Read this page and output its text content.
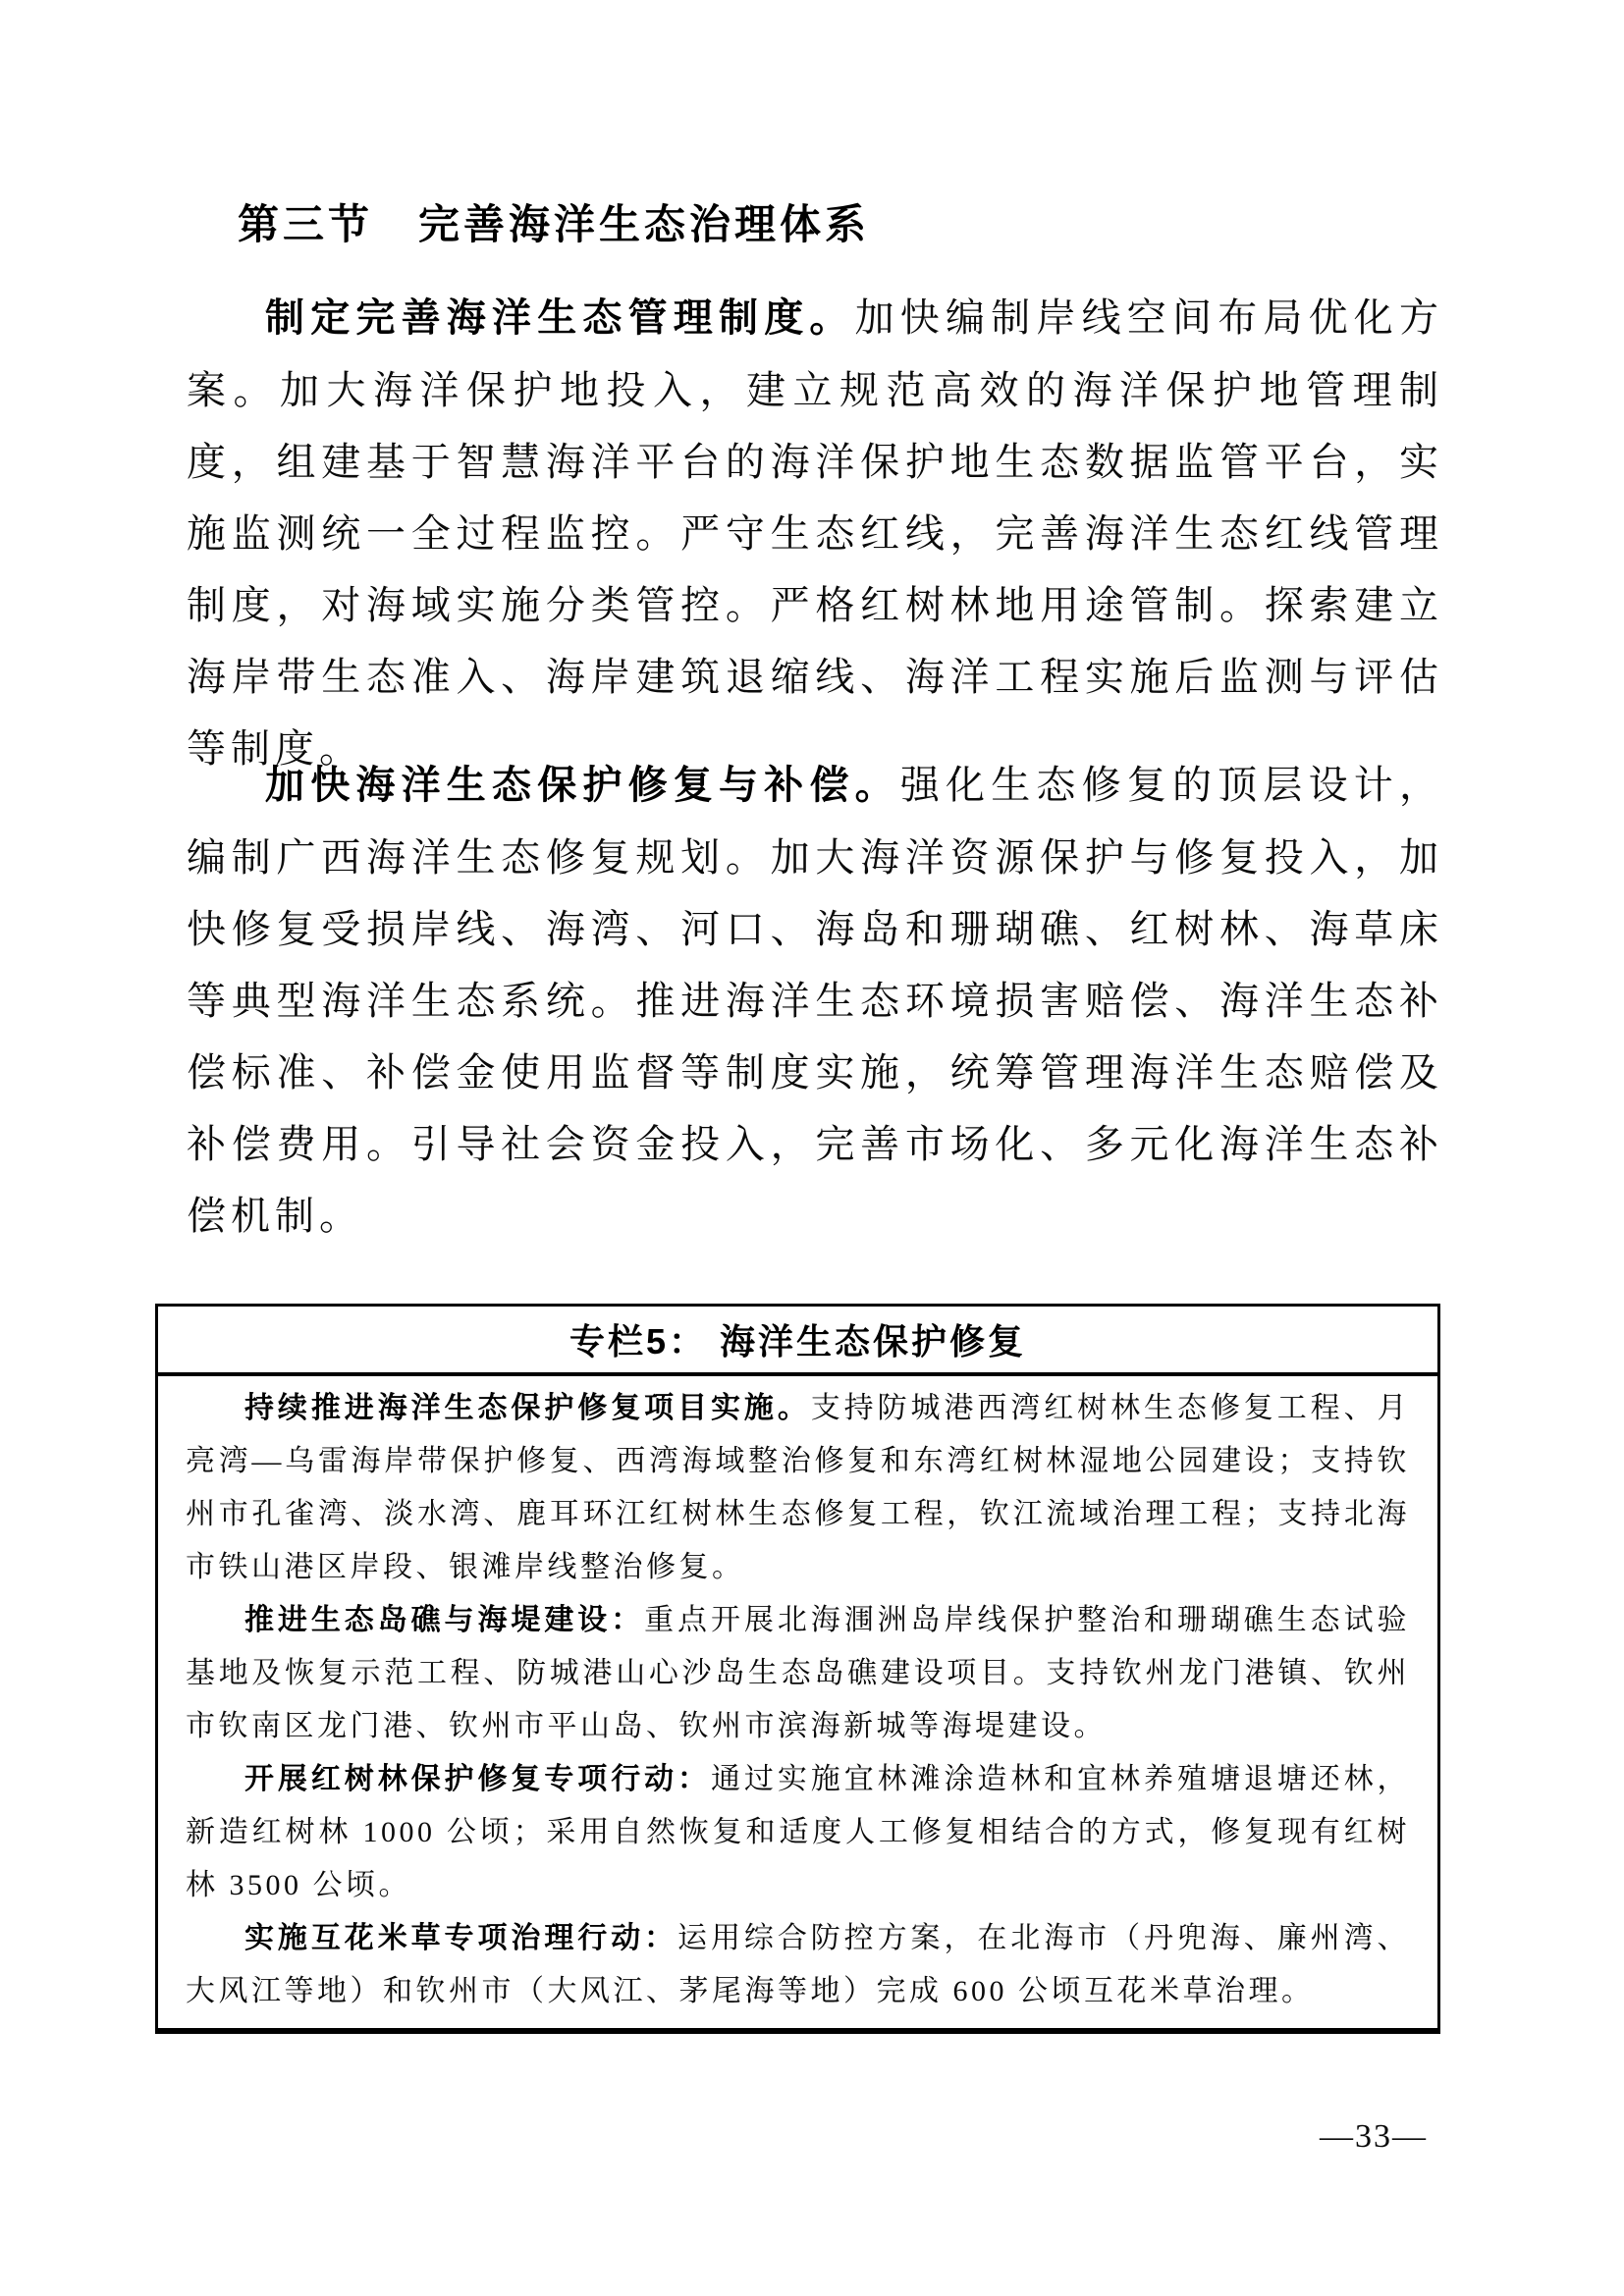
第三节　完善海洋生态治理体系

制定完善海洋生态管理制度。加快编制岸线空间布局优化方案。加大海洋保护地投入，建立规范高效的海洋保护地管理制度，组建基于智慧海洋平台的海洋保护地生态数据监管平台，实施监测统一全过程监控。严守生态红线，完善海洋生态红线管理制度，对海域实施分类管控。严格红树林地用途管制。探索建立海岸带生态准入、海岸建筑退缩线、海洋工程实施后监测与评估等制度。

加快海洋生态保护修复与补偿。强化生态修复的顶层设计，编制广西海洋生态修复规划。加大海洋资源保护与修复投入，加快修复受损岸线、海湾、河口、海岛和珊瑚礁、红树林、海草床等典型海洋生态系统。推进海洋生态环境损害赔偿、海洋生态补偿标准、补偿金使用监督等制度实施，统筹管理海洋生态赔偿及补偿费用。引导社会资金投入，完善市场化、多元化海洋生态补偿机制。

专栏5： 海洋生态保护修复

持续推进海洋生态保护修复项目实施。支持防城港西湾红树林生态修复工程、月亮湾—乌雷海岸带保护修复、西湾海域整治修复和东湾红树林湿地公园建设；支持钦州市孔雀湾、淡水湾、鹿耳环江红树林生态修复工程，钦江流域治理工程；支持北海市铁山港区岸段、银滩岸线整治修复。

推进生态岛礁与海堤建设：重点开展北海涠洲岛岸线保护整治和珊瑚礁生态试验基地及恢复示范工程、防城港山心沙岛生态岛礁建设项目。支持钦州龙门港镇、钦州市钦南区龙门港、钦州市平山岛、钦州市滨海新城等海堤建设。

开展红树林保护修复专项行动：通过实施宜林滩涂造林和宜林养殖塘退塘还林，新造红树林 1000 公顷；采用自然恢复和适度人工修复相结合的方式，修复现有红树林 3500 公顷。

实施互花米草专项治理行动：运用综合防控方案，在北海市（丹兜海、廉州湾、大风江等地）和钦州市（大风江、茅尾海等地）完成 600 公顷互花米草治理。

—33—
